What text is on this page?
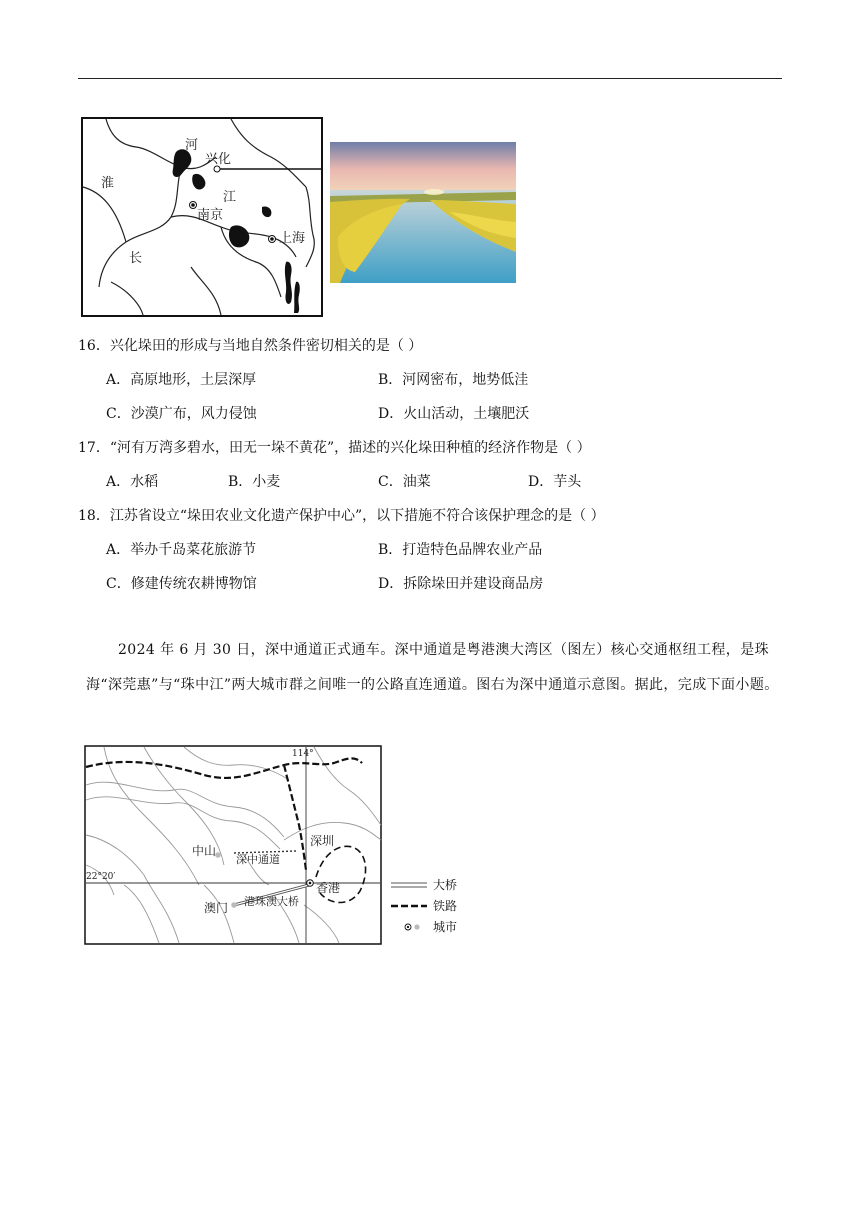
河
兴化
淮
江
南京
长
上海
16．兴化垛田的形成与当地自然条件密切相关的是（ ）
A．高原地形，土层深厚	B．河网密布，地势低洼
C．沙漠广布，风力侵蚀	D．火山活动，土壤肥沃
17．“河有万湾多碧水，田无一垛不黄花”，描述的兴化垛田种植的经济作物是（ ）
A．水稻	B．小麦	C．油菜	D．芋头
18．江苏省设立“垛田农业文化遗产保护中心”，以下措施不符合该保护理念的是（ ）
A．举办千岛菜花旅游节	B．打造特色品牌农业产品
C．修建传统农耕博物馆	D．拆除垛田并建设商品房
2024 年 6 月 30 日，深中通道正式通车。深中通道是粤港澳大湾区（图左）核心交通枢纽工程，是珠海“深莞惠”与“珠中江”两大城市群之间唯一的公路直连通道。图右为深中通道示意图。据此，完成下面小题。
114°
22°20′
中山
深中通道
深圳
香港
澳门 港珠澳大桥
大桥
铁路
城市
